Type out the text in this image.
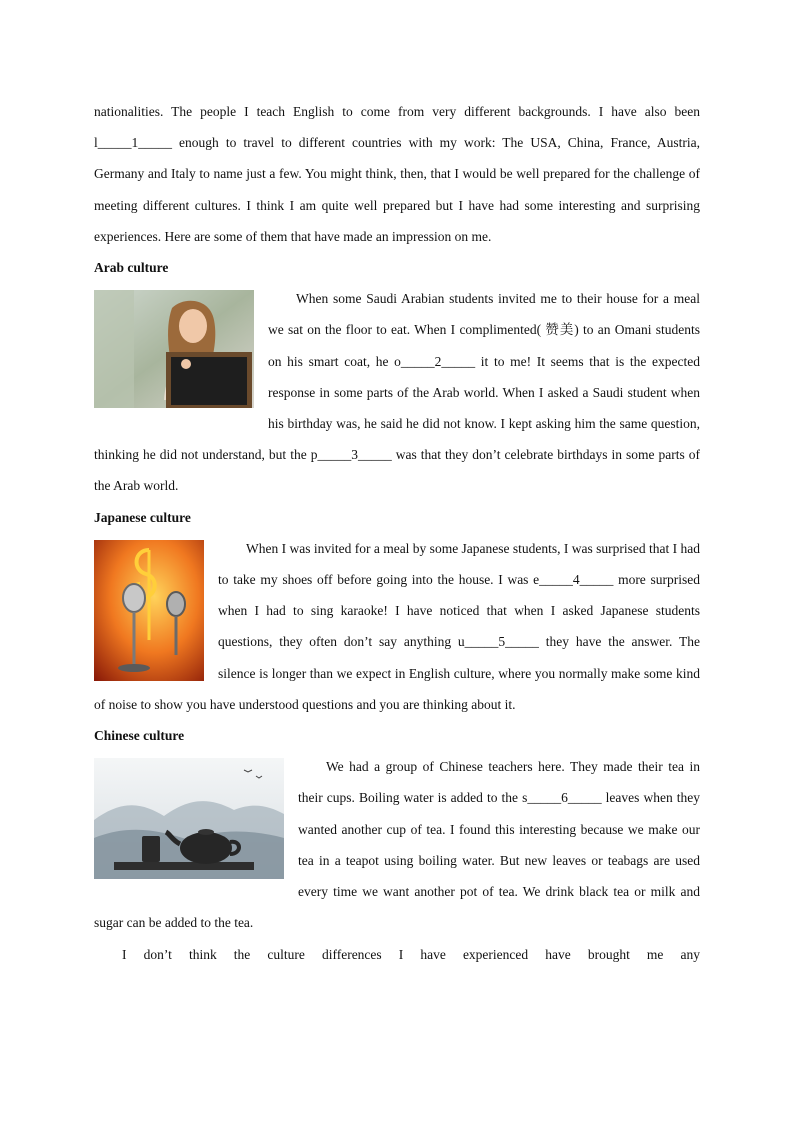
nationalities. The people I teach English to come from very different backgrounds. I have also been l_____1_____ enough to travel to different countries with my work: The USA, China, France, Austria, Germany and Italy to name just a few. You might think, then, that I would be well prepared for the challenge of meeting different cultures. I think I am quite well prepared but I have had some interesting and surprising experiences. Here are some of them that have made an impression on me.

Arab culture

When some Saudi Arabian students invited me to their house for a meal we sat on the floor to eat. When I complimented( 赞美) to an Omani students on his smart coat, he o_____2_____ it to me! It seems that is the expected response in some parts of the Arab world. When I asked a Saudi student when his birthday was, he said he did not know. I kept asking him the same question, thinking he did not understand, but the p_____3_____ was that they don’t celebrate birthdays in some parts of the Arab world.

Japanese culture

When I was invited for a meal by some Japanese students, I was surprised that I had to take my shoes off before going into the house. I was e_____4_____ more surprised when I had to sing karaoke! I have noticed that when I asked Japanese students questions, they often don’t say anything u_____5_____ they have the answer. The silence is longer than we expect in English culture, where you normally make some kind of noise to show you have understood questions and you are thinking about it.

Chinese culture

We had a group of Chinese teachers here. They made their tea in their cups. Boiling water is added to the s_____6_____ leaves when they wanted another cup of tea. I found this interesting because we make our tea in a teapot using boiling water. But new leaves or teabags are used every time we want another pot of tea. We drink black tea or milk and sugar can be added to the tea.

I don’t think the culture differences I have experienced have brought me any
